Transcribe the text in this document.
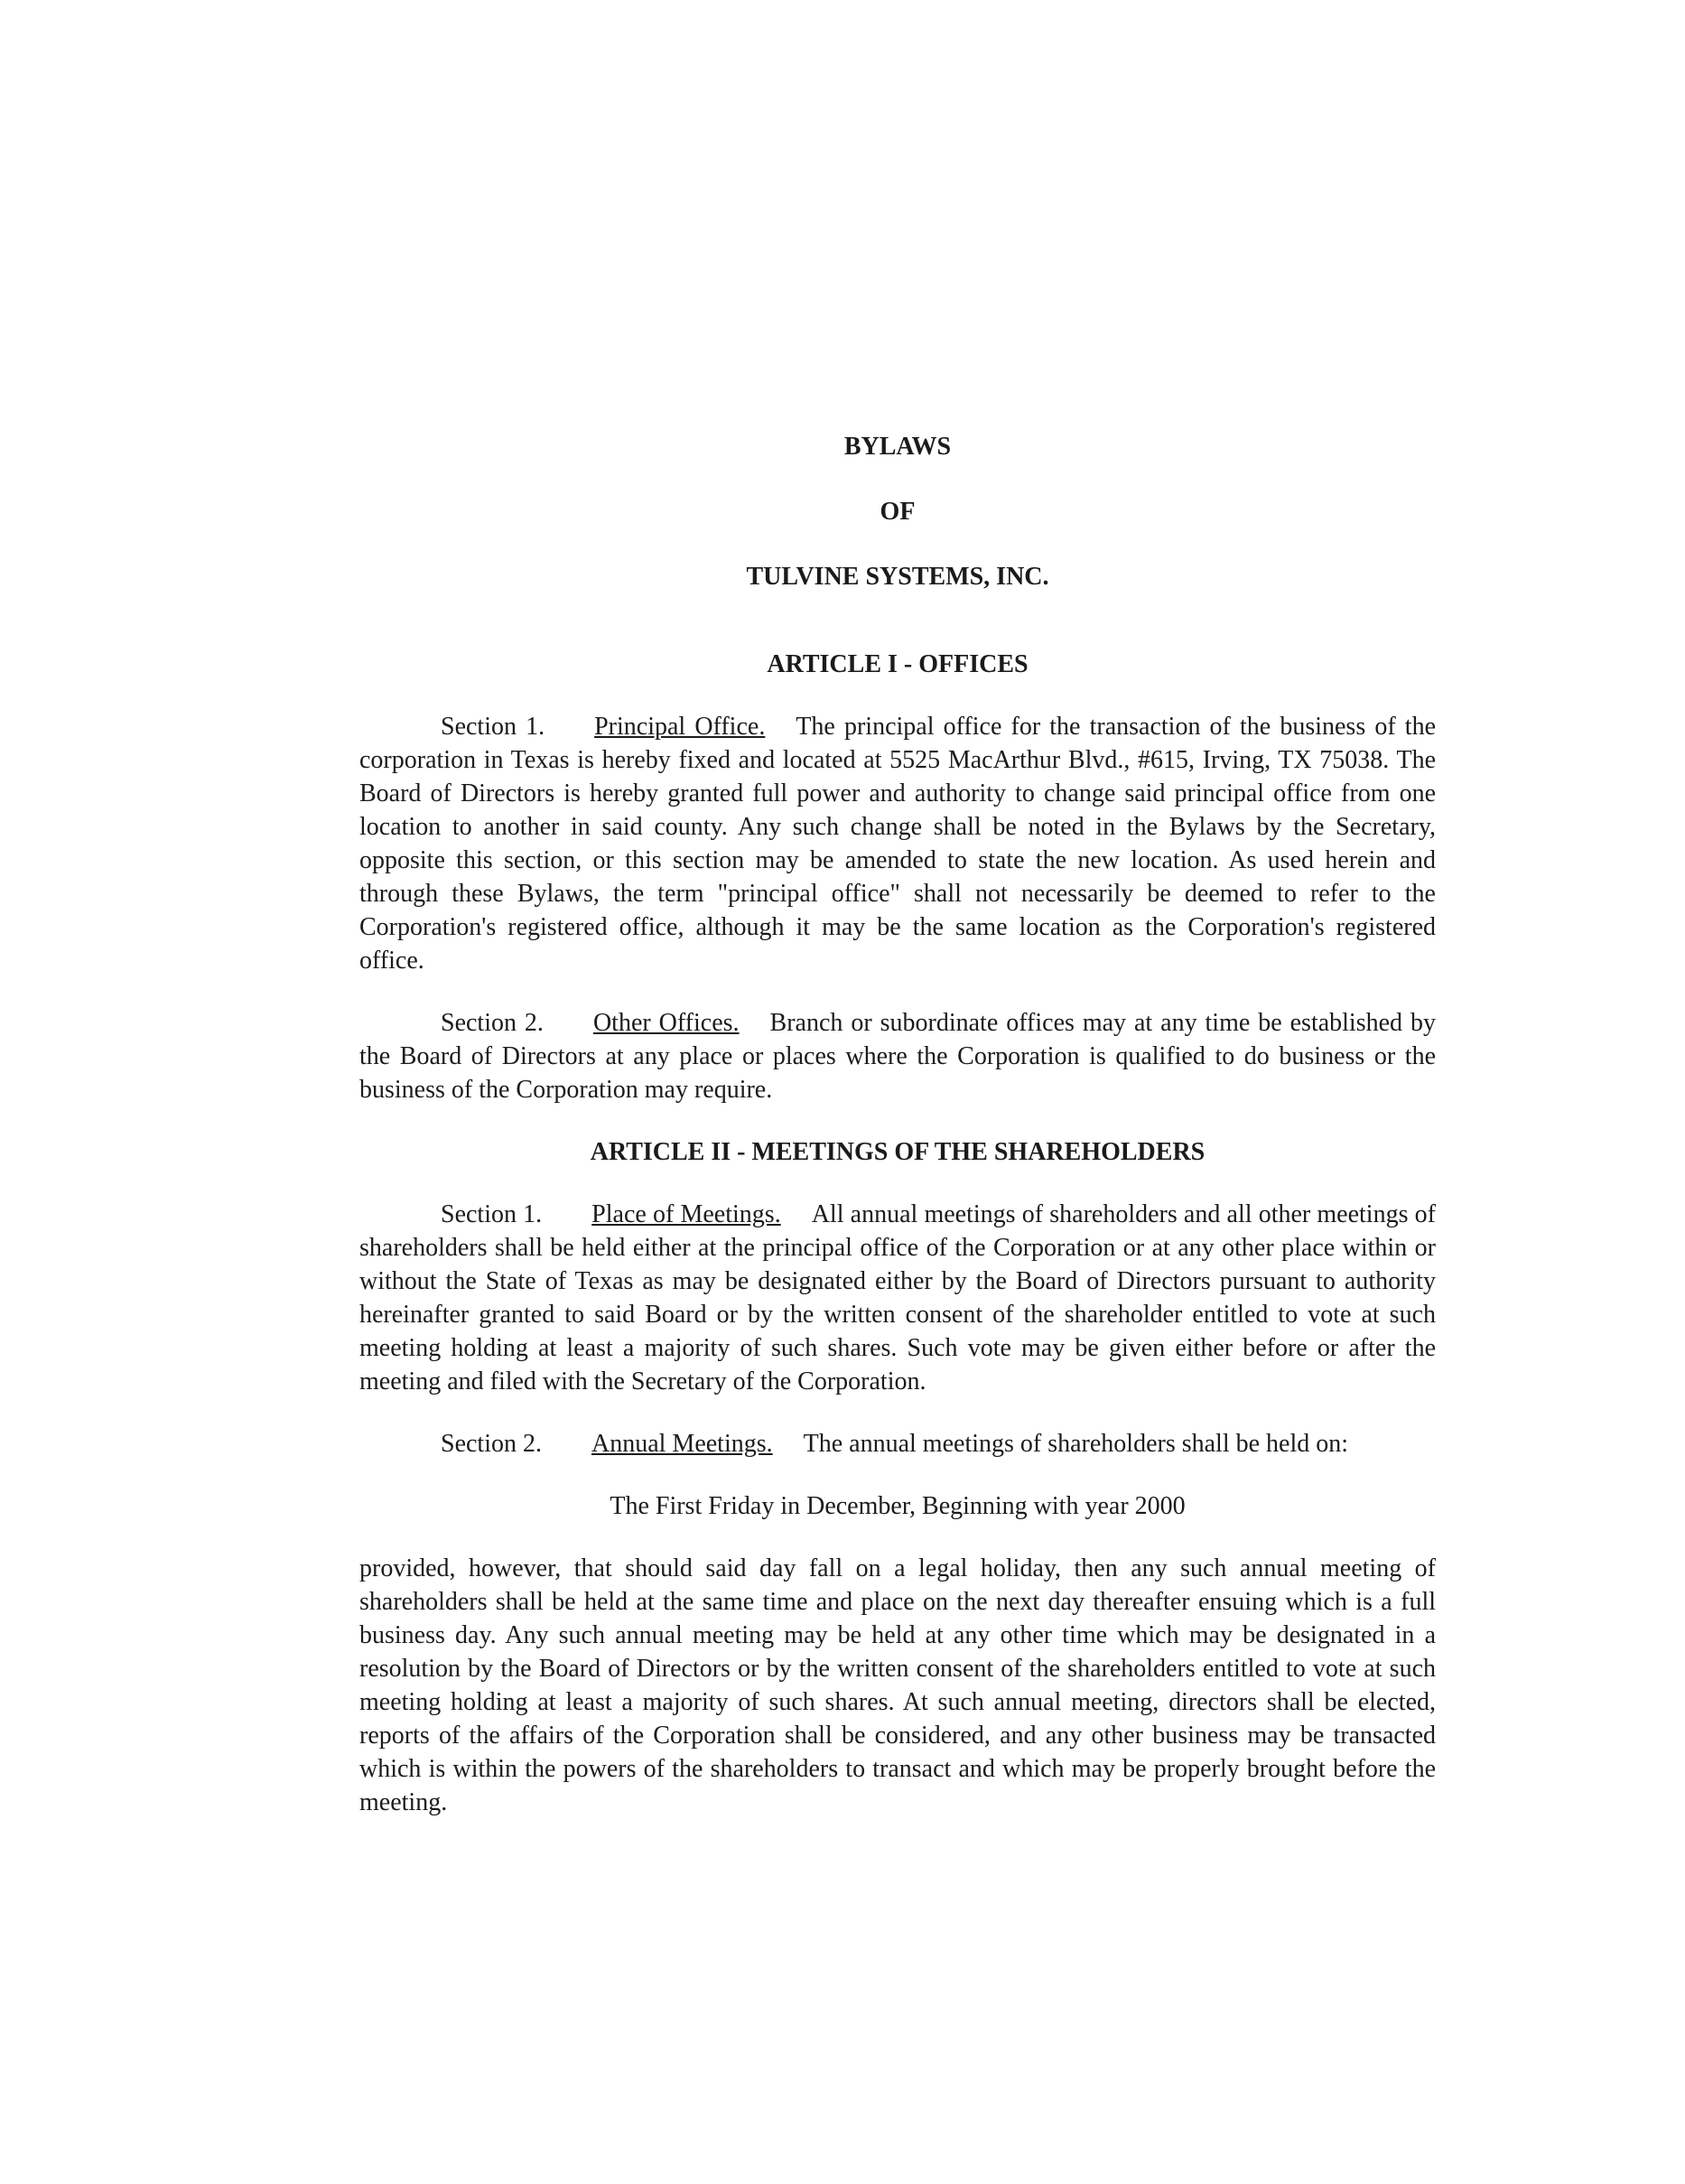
BYLAWS

OF

TULVINE SYSTEMS, INC.

ARTICLE I - OFFICES

Section 1. Principal Office. The principal office for the transaction of the business of the corporation in Texas is hereby fixed and located at 5525 MacArthur Blvd., #615, Irving, TX 75038. The Board of Directors is hereby granted full power and authority to change said principal office from one location to another in said county. Any such change shall be noted in the Bylaws by the Secretary, opposite this section, or this section may be amended to state the new location. As used herein and through these Bylaws, the term "principal office" shall not necessarily be deemed to refer to the Corporation's registered office, although it may be the same location as the Corporation's registered office.

Section 2. Other Offices. Branch or subordinate offices may at any time be established by the Board of Directors at any place or places where the Corporation is qualified to do business or the business of the Corporation may require.

ARTICLE II - MEETINGS OF THE SHAREHOLDERS

Section 1. Place of Meetings. All annual meetings of shareholders and all other meetings of shareholders shall be held either at the principal office of the Corporation or at any other place within or without the State of Texas as may be designated either by the Board of Directors pursuant to authority hereinafter granted to said Board or by the written consent of the shareholder entitled to vote at such meeting holding at least a majority of such shares. Such vote may be given either before or after the meeting and filed with the Secretary of the Corporation.

Section 2. Annual Meetings. The annual meetings of shareholders shall be held on:

The First Friday in December, Beginning with year 2000

provided, however, that should said day fall on a legal holiday, then any such annual meeting of shareholders shall be held at the same time and place on the next day thereafter ensuing which is a full business day. Any such annual meeting may be held at any other time which may be designated in a resolution by the Board of Directors or by the written consent of the shareholders entitled to vote at such meeting holding at least a majority of such shares. At such annual meeting, directors shall be elected, reports of the affairs of the Corporation shall be considered, and any other business may be transacted which is within the powers of the shareholders to transact and which may be properly brought before the meeting.
